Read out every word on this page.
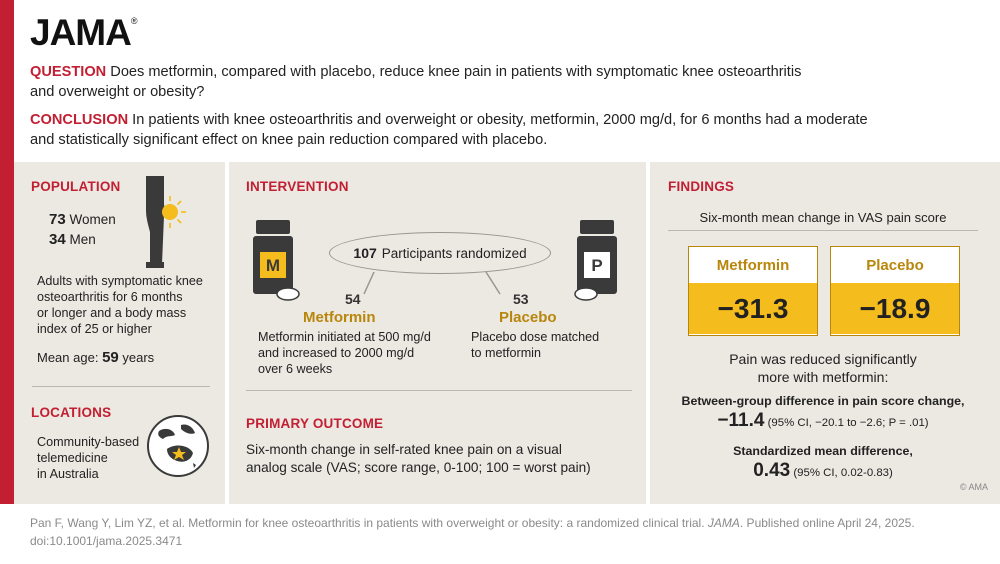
JAMA®
QUESTION Does metformin, compared with placebo, reduce knee pain in patients with symptomatic knee osteoarthritis
and overweight or obesity?
CONCLUSION In patients with knee osteoarthritis and overweight or obesity, metformin, 2000 mg/d, for 6 months had a moderate
and statistically significant effect on knee pain reduction compared with placebo.
POPULATION
73 Women
34 Men
Adults with symptomatic knee
osteoarthritis for 6 months
or longer and a body mass
index of 25 or higher
Mean age: 59 years
LOCATIONS
Community-based
telemedicine
in Australia
INTERVENTION
M	P
107 Participants randomized
54
Metformin
Metformin initiated at 500 mg/d
and increased to 2000 mg/d
over 6 weeks
53
Placebo
Placebo dose matched
to metformin
PRIMARY OUTCOME
Six-month change in self-rated knee pain on a visual
analog scale (VAS; score range, 0-100; 100 = worst pain)
FINDINGS
Six-month mean change in VAS pain score
Metformin
−31.3
Placebo
−18.9
Pain was reduced significantly
more with metformin:
Between-group difference in pain score change,
−11.4 (95% CI, −20.1 to −2.6; P = .01)
Standardized mean difference,
0.43 (95% CI, 0.02-0.83)
© AMA
Pan F, Wang Y, Lim YZ, et al. Metformin for knee osteoarthritis in patients with overweight or obesity: a randomized clinical trial. JAMA. Published online April 24, 2025.
doi:10.1001/jama.2025.3471
